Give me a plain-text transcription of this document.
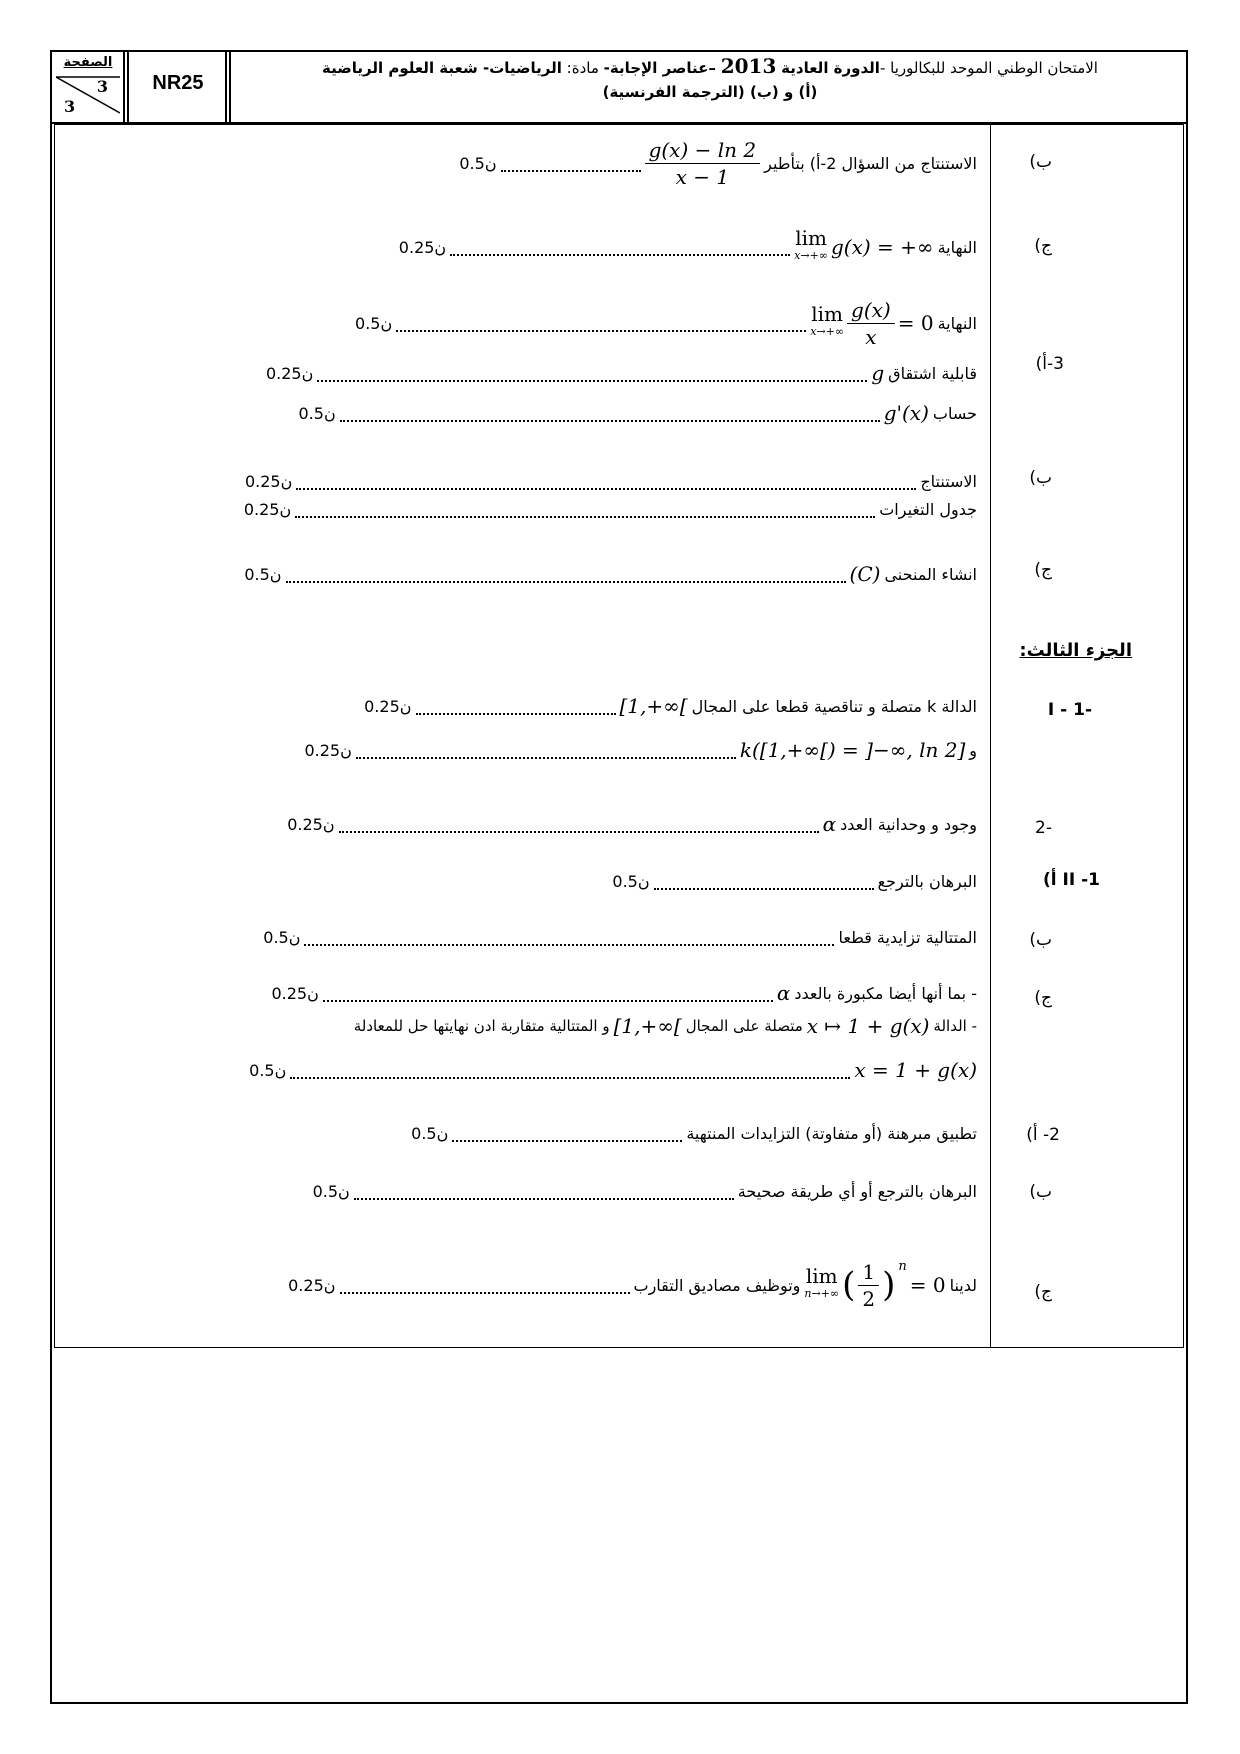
الامتحان الوطني الموحد للبكالوريا -الدورة العادية 2013 –عناصر الإجابة- مادة: الرياضيات- شعبة العلوم الرياضية
(أ) و (ب) (الترجمة الفرنسية)
NR25
الصفحة
3
3
ب)
الاستنتاج من السؤال 2-أ) بتأطير
$\frac{g(x) - \ln 2}{x - 1}$
0.5ن
ج)
النهاية
lim
x→+∞ g(x) = +∞
0.25ن
النهاية
lim
$x\to+\infty \frac{g(x)}{x} = 0$
0.5ن
3-أ)
قابلية اشتقاق
g
0.25ن
حساب
g'(x)
0.5ن
ب)
الاستنتاج
0.25ن
جدول التغيرات
0.25ن
ج)
انشاء المنحنى
(C)
0.5ن
الجزء الثالث:
-1 - I
الدالة k متصلة و تناقصية قطعا على المجال
[1,+∞[
0.25ن
و
k([1,+∞[) = ]−∞, ln 2]
0.25ن
-2
وجود و وحدانية العدد
α
0.25ن
II -1 أ)
البرهان بالترجع
0.5ن
ب)
المتتالية تزايدية قطعا
0.5ن
ج)
- بما أنها أيضا مكبورة بالعدد
α
0.25ن
- الدالة
x ↦ 1 + g(x)
متصلة على المجال
[1,+∞[
و المتتالية متقاربة ادن نهايتها حل للمعادلة
x = 1 + g(x)
0.5ن
2- أ)
تطبيق مبرهنة (أو متفاوتة) التزايدات المنتهية
0.5ن
ب)
البرهان بالترجع أو أي طريقة صحيحة
0.5ن
ج)
لدينا
lim
n→+∞ ( $\frac{1}{2} )^n$
= 0
وتوظيف مصاديق التقارب
0.25ن
